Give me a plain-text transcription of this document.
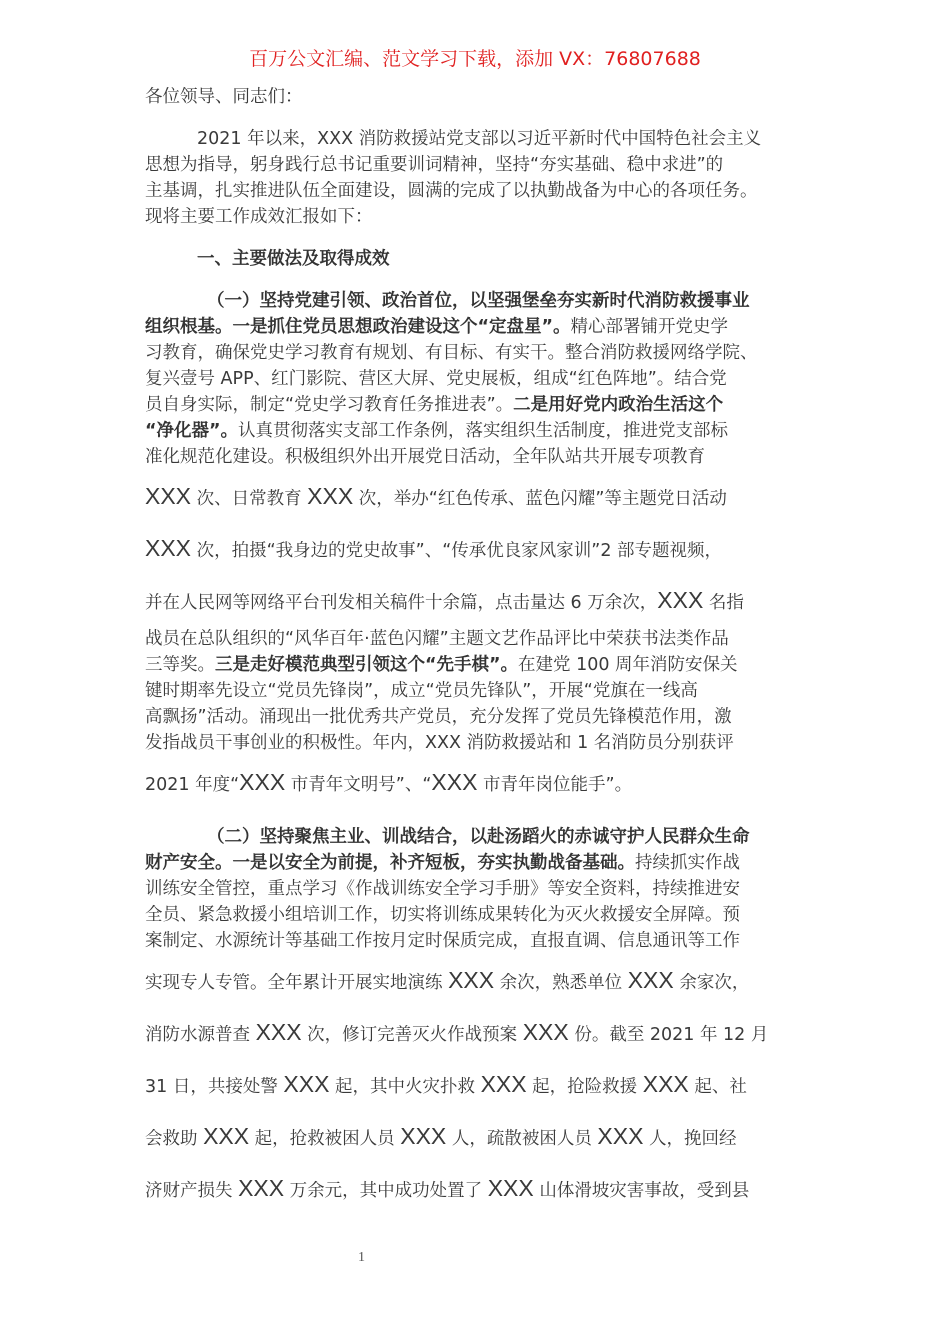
百万公文汇编、范文学习下载，添加 VX：76807688
各位领导、同志们：
2021 年以来，XXX 消防救援站党支部以习近平新时代中国特色社会主义
思想为指导，躬身践行总书记重要训词精神，坚持“夯实基础、稳中求进”的
主基调，扎实推进队伍全面建设，圆满的完成了以执勤战备为中心的各项任务。
现将主要工作成效汇报如下：
一、主要做法及取得成效
（一）坚持党建引领、政治首位，以坚强堡垒夯实新时代消防救援事业
组织根基。一是抓住党员思想政治建设这个“定盘星”。精心部署铺开党史学
习教育，确保党史学习教育有规划、有目标、有实干。整合消防救援网络学院、
复兴壹号 APP、红门影院、营区大屏、党史展板，组成“红色阵地”。结合党
员自身实际，制定“党史学习教育任务推进表”。二是用好党内政治生活这个
“净化器”。认真贯彻落实支部工作条例，落实组织生活制度，推进党支部标
准化规范化建设。积极组织外出开展党日活动，全年队站共开展专项教育
XXX 次、日常教育 XXX 次，举办“红色传承、蓝色闪耀”等主题党日活动
XXX 次，拍摄“我身边的党史故事”、“传承优良家风家训”2 部专题视频，
并在人民网等网络平台刊发相关稿件十余篇，点击量达 6 万余次，XXX 名指
战员在总队组织的“风华百年·蓝色闪耀”主题文艺作品评比中荣获书法类作品
三等奖。三是走好模范典型引领这个“先手棋”。在建党 100 周年消防安保关
键时期率先设立“党员先锋岗”，成立“党员先锋队”，开展“党旗在一线高
高飘扬”活动。涌现出一批优秀共产党员，充分发挥了党员先锋模范作用，激
发指战员干事创业的积极性。年内，XXX 消防救援站和 1 名消防员分别获评
2021 年度“XXX 市青年文明号”、“XXX 市青年岗位能手”。
（二）坚持聚焦主业、训战结合，以赴汤蹈火的赤诚守护人民群众生命
财产安全。一是以安全为前提，补齐短板，夯实执勤战备基础。持续抓实作战
训练安全管控，重点学习《作战训练安全学习手册》等安全资料，持续推进安
全员、紧急救援小组培训工作，切实将训练成果转化为灭火救援安全屏障。预
案制定、水源统计等基础工作按月定时保质完成，直报直调、信息通讯等工作
实现专人专管。全年累计开展实地演练 XXX 余次，熟悉单位 XXX 余家次，
消防水源普查 XXX 次，修订完善灭火作战预案 XXX 份。截至 2021 年 12 月
31 日，共接处警 XXX 起，其中火灾扑救 XXX 起，抢险救援 XXX 起、社
会救助 XXX 起，抢救被困人员 XXX 人，疏散被困人员 XXX 人，挽回经
济财产损失 XXX 万余元，其中成功处置了 XXX 山体滑坡灾害事故，受到县
1
